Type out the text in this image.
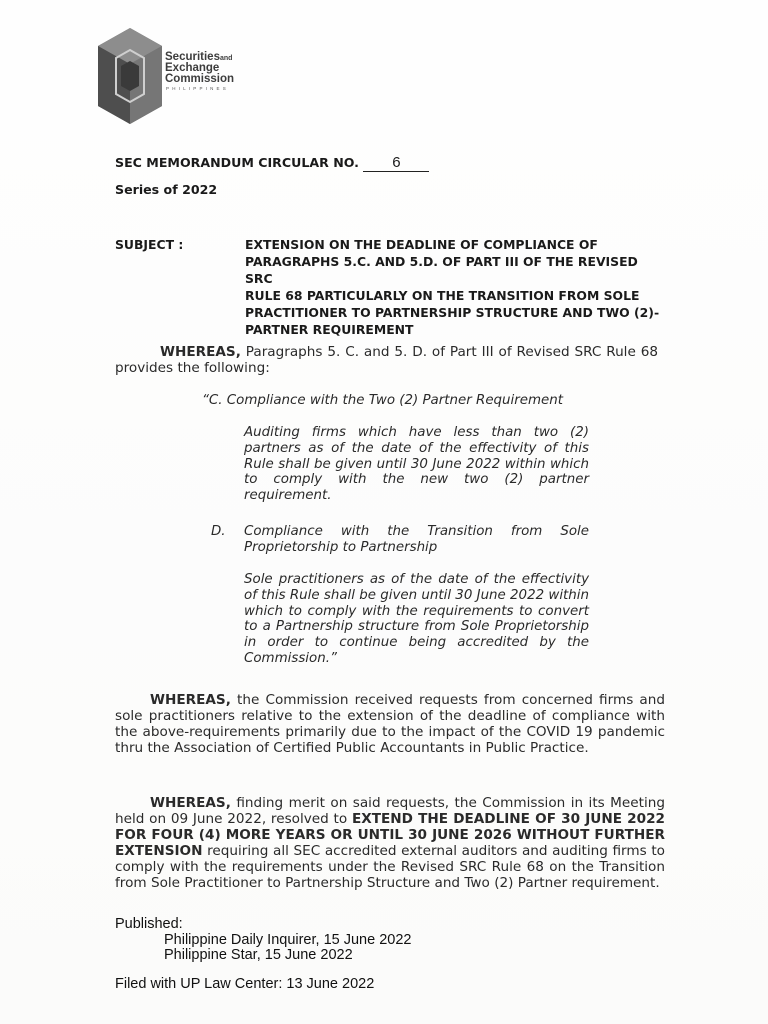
Securitiesand
Exchange
Commission
PHILIPPINES
SEC MEMORANDUM CIRCULAR NO. 6
Series of 2022
SUBJECT :	EXTENSION ON THE DEADLINE OF COMPLIANCE OF
PARAGRAPHS 5.C. AND 5.D. OF PART III OF THE REVISED SRC
RULE 68 PARTICULARLY ON THE TRANSITION FROM SOLE
PRACTITIONER TO PARTNERSHIP STRUCTURE AND TWO (2)-
PARTNER REQUIREMENT
WHEREAS, Paragraphs 5. C. and 5. D. of Part III of Revised SRC Rule 68 provides the following:
“C. Compliance with the Two (2) Partner Requirement
Auditing firms which have less than two (2) partners as of the date of the effectivity of this Rule shall be given until 30 June 2022 within which to comply with the new two (2) partner requirement.
D. Compliance with the Transition from Sole Proprietorship to Partnership
Sole practitioners as of the date of the effectivity of this Rule shall be given until 30 June 2022 within which to comply with the requirements to convert to a Partnership structure from Sole Proprietorship in order to continue being accredited by the Commission.”
WHEREAS, the Commission received requests from concerned firms and sole practitioners relative to the extension of the deadline of compliance with the above-requirements primarily due to the impact of the COVID 19 pandemic thru the Association of Certified Public Accountants in Public Practice.
WHEREAS, finding merit on said requests, the Commission in its Meeting held on 09 June 2022, resolved to EXTEND THE DEADLINE OF 30 JUNE 2022 FOR FOUR (4) MORE YEARS OR UNTIL 30 JUNE 2026 WITHOUT FURTHER EXTENSION requiring all SEC accredited external auditors and auditing firms to comply with the requirements under the Revised SRC Rule 68 on the Transition from Sole Practitioner to Partnership Structure and Two (2) Partner requirement.
Published:
Philippine Daily Inquirer, 15 June 2022
Philippine Star, 15 June 2022
Filed with UP Law Center: 13 June 2022
